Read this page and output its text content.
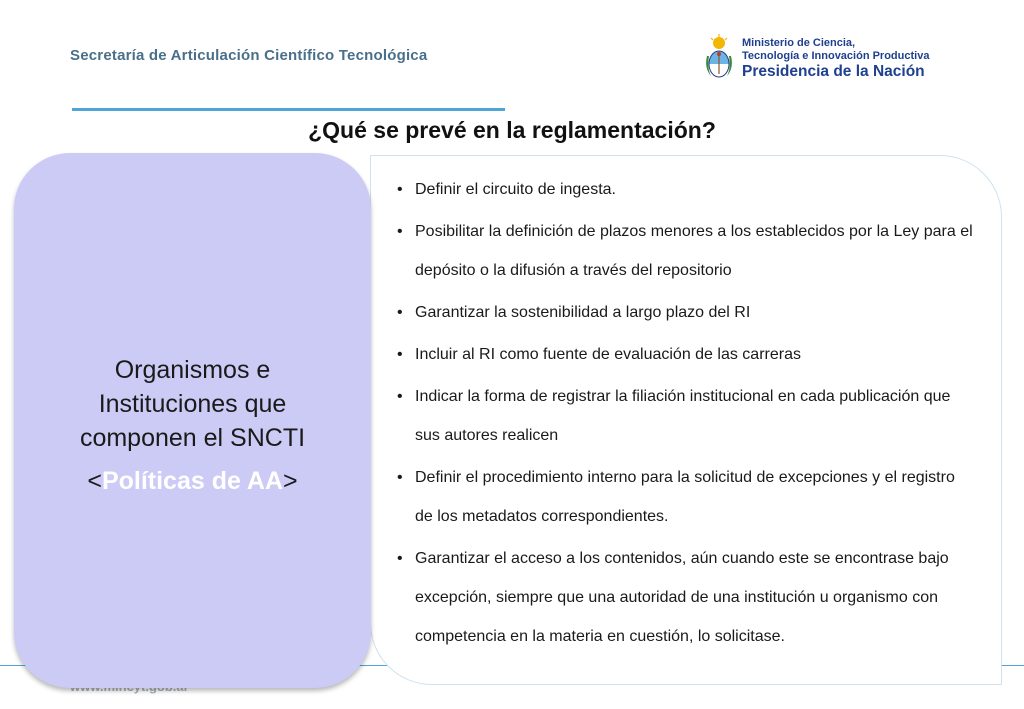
Secretaría de Articulación Científico Tecnológica
Ministerio de Ciencia,
Tecnología e Innovación Productiva
Presidencia de la Nación
¿Qué se prevé en la reglamentación?
• Definir el circuito de ingesta.
• Posibilitar la definición de plazos menores a los establecidos por la Ley para el depósito o la difusión a través del repositorio
• Garantizar la sostenibilidad a largo plazo del RI
• Incluir al RI como fuente de evaluación de las carreras
• Indicar la forma de registrar la filiación institucional en cada publicación que sus autores realicen
• Definir el procedimiento interno para la solicitud de excepciones y el registro de los metadatos correspondientes.
• Garantizar el acceso a los contenidos, aún cuando este se encontrase bajo excepción, siempre que una autoridad de una institución u organismo con competencia en la materia en cuestión, lo solicitase.
Organismos e Instituciones que componen el SNCTI
<Políticas de AA>
